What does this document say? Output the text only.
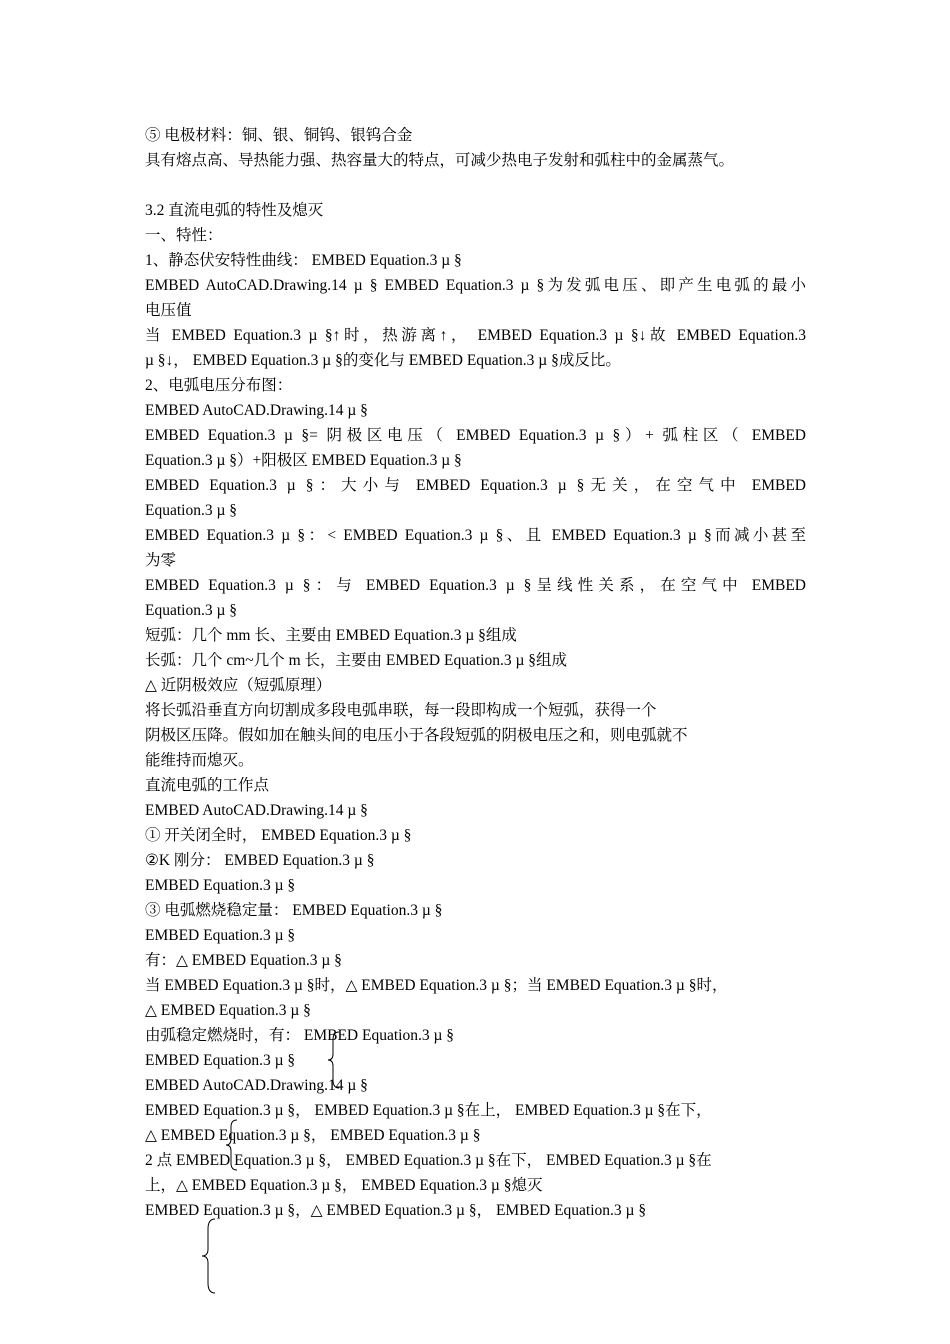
⑤ 电极材料：铜、银、铜钨、银钨合金
具有熔点高、导热能力强、热容量大的特点，可减少热电子发射和弧柱中的金属蒸气。
3.2 直流电弧的特性及熄灭
一、特性：
1、静态伏安特性曲线： EMBED Equation.3 µ §
EMBED AutoCAD.Drawing.14 µ § EMBED Equation.3 µ §为发弧电压、即产生电弧的最小
电压值
当 EMBED Equation.3 µ §↑时，热游离↑， EMBED Equation.3 µ §↓故 EMBED Equation.3
µ §↓， EMBED Equation.3 µ §的变化与 EMBED Equation.3 µ §成反比。
2、电弧电压分布图：
EMBED AutoCAD.Drawing.14 µ §
EMBED Equation.3 µ §= 阴极区电压（ EMBED Equation.3 µ §）+ 弧柱区（ EMBED
Equation.3 µ §）+阳极区 EMBED Equation.3 µ §
EMBED Equation.3 µ §：大小与 EMBED Equation.3 µ §无关，在空气中 EMBED
Equation.3 µ §
EMBED Equation.3 µ §：< EMBED Equation.3 µ §、且 EMBED Equation.3 µ §而减小甚至
为零
EMBED Equation.3 µ §：与 EMBED Equation.3 µ §呈线性关系，在空气中 EMBED
Equation.3 µ §
短弧：几个 mm 长、主要由 EMBED Equation.3 µ §组成
长弧：几个 cm~几个 m 长，主要由 EMBED Equation.3 µ §组成
△ 近阴极效应（短弧原理）
将长弧沿垂直方向切割成多段电弧串联，每一段即构成一个短弧，获得一个
阴极区压降。假如加在触头间的电压小于各段短弧的阴极电压之和，则电弧就不
能维持而熄灭。
直流电弧的工作点
EMBED AutoCAD.Drawing.14 µ §
① 开关闭全时， EMBED Equation.3 µ §
②K 刚分： EMBED Equation.3 µ §
EMBED Equation.3 µ §
③ 电弧燃烧稳定量： EMBED Equation.3 µ §
EMBED Equation.3 µ §
有：△ EMBED Equation.3 µ §
当 EMBED Equation.3 µ §时，△ EMBED Equation.3 µ §；当 EMBED Equation.3 µ §时，
△ EMBED Equation.3 µ §
由弧稳定燃烧时，有： EMBED Equation.3 µ §
EMBED Equation.3 µ §
EMBED AutoCAD.Drawing.14 µ §
EMBED Equation.3 µ §， EMBED Equation.3 µ §在上， EMBED Equation.3 µ §在下，
△ EMBED Equation.3 µ §， EMBED Equation.3 µ §
2 点 EMBED Equation.3 µ §， EMBED Equation.3 µ §在下， EMBED Equation.3 µ §在
上，△ EMBED Equation.3 µ §， EMBED Equation.3 µ §熄灭
EMBED Equation.3 µ §，△ EMBED Equation.3 µ §， EMBED Equation.3 µ §
